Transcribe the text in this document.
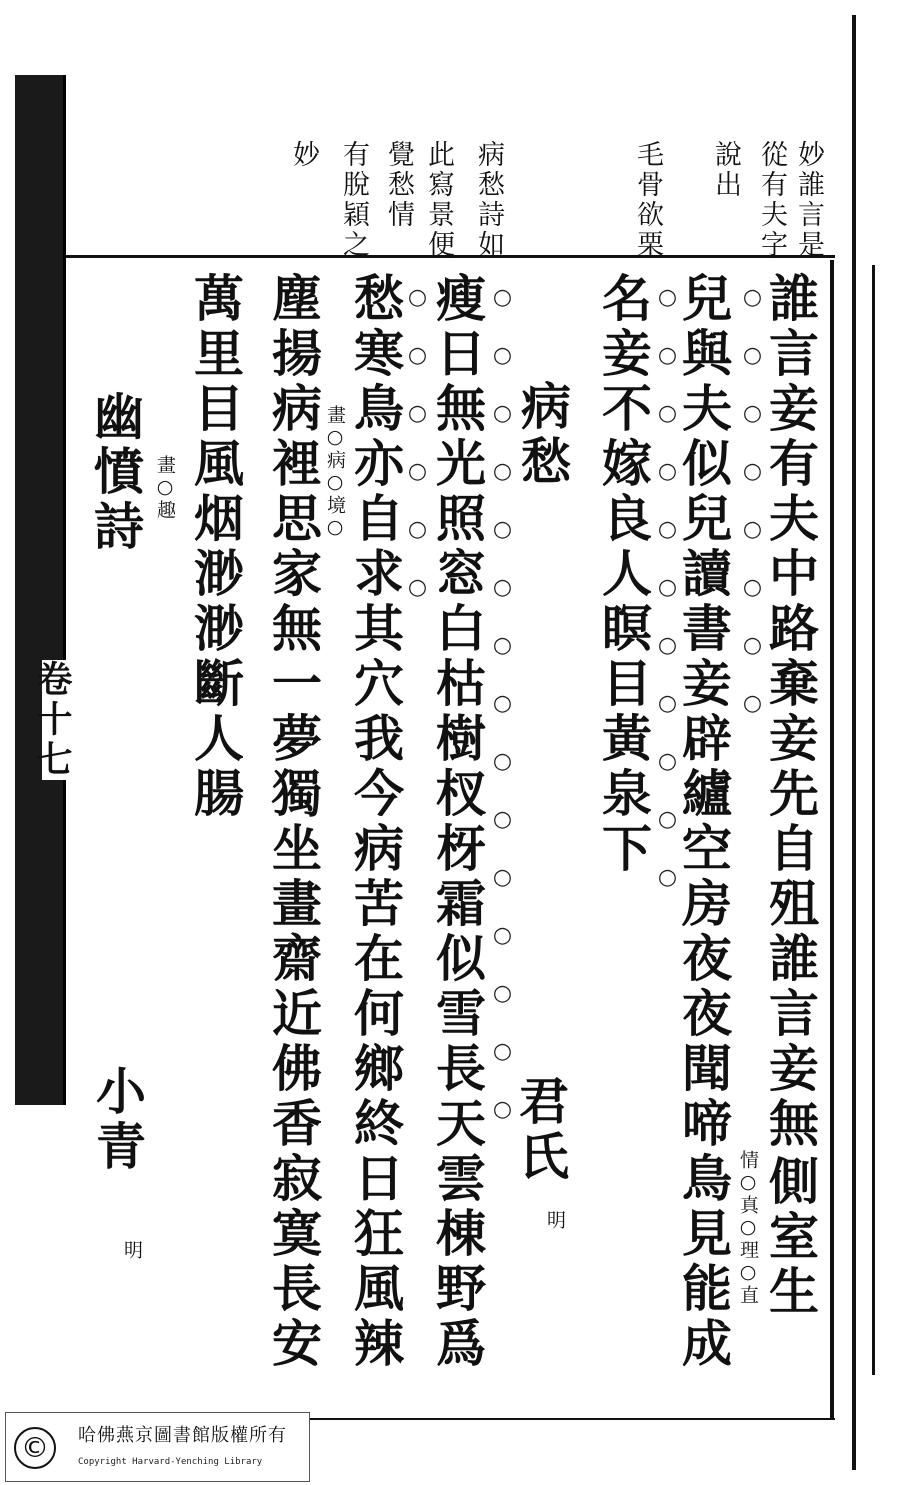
卷十七
妙誰言是
從有夫字
說出
毛骨欲栗
病愁詩如
此寫景便
覺愁情
有脫穎之
妙
誰言妾有夫中路棄妾先自殂誰言妾無
側室生
情○真○理○直
兒與夫似兒讀書妾辟纑空房夜夜聞啼鳥見能成
名妾不嫁良人瞑目黃泉下	○○○○○○○○
○○○○○○○○○○○
病愁
君氏
明
瘦日無光照窓白枯樹杈枒霜似雪長天雲棟野爲 ○○○○○○○○○○○○○○○
愁寒鳥亦自求其穴我今病苦在何鄉終日狂風辣 ○○○○○○
畫○病○境○
塵揚病裡思家無一夢獨坐畫齋近佛香寂寞長安
萬里目風烟渺渺斷人腸
幽憤詩 畫○趣
小青
明
©	哈佛燕京圖書館版權所有
Copyright Harvard-Yenching Library
